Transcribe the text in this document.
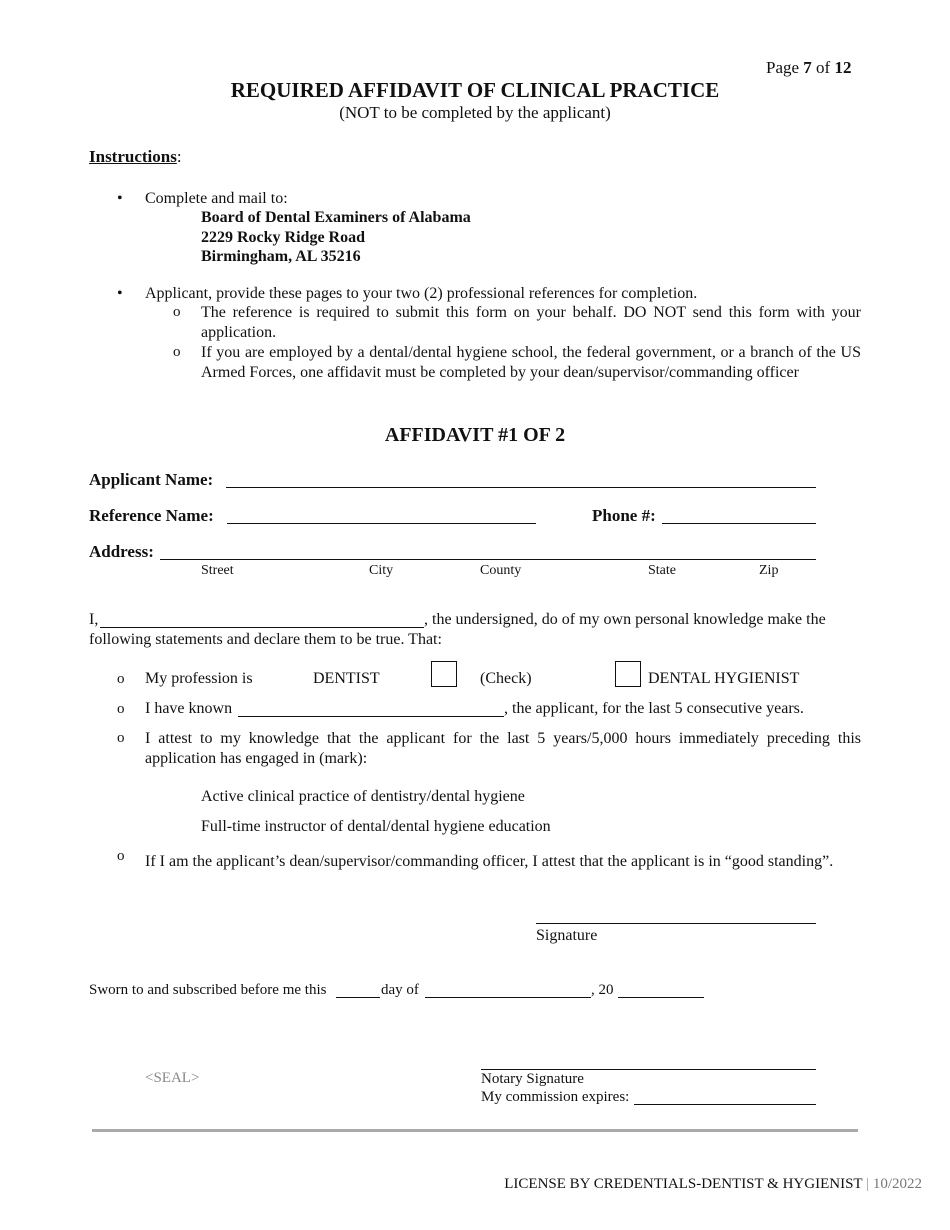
Page 7 of 12
REQUIRED AFFIDAVIT OF CLINICAL PRACTICE
(NOT to be completed by the applicant)
Instructions:
• Complete and mail to:
Board of Dental Examiners of Alabama
2229 Rocky Ridge Road
Birmingham, AL 35216
• Applicant, provide these pages to your two (2) professional references for completion.
o The reference is required to submit this form on your behalf. DO NOT send this form with your application.
o If you are employed by a dental/dental hygiene school, the federal government, or a branch of the US Armed Forces, one affidavit must be completed by your dean/supervisor/commanding officer
AFFIDAVIT #1 OF 2
Applicant Name:
Reference Name:	Phone #:
Address:
Street	City	County	State	Zip
I,	, the undersigned, do of my own personal knowledge make the
following statements and declare them to be true. That:
o My profession is	DENTIST	(Check)	DENTAL HYGIENIST
o I have known	, the applicant, for the last 5 consecutive years.
o I attest to my knowledge that the applicant for the last 5 years/5,000 hours immediately preceding this application has engaged in (mark):
Active clinical practice of dentistry/dental hygiene
Full-time instructor of dental/dental hygiene education
o If I am the applicant’s dean/supervisor/commanding officer, I attest that the applicant is in “good standing”.
Signature
Sworn to and subscribed before me this	day of	, 20
<SEAL>	Notary Signature
My commission expires:
LICENSE BY CREDENTIALS-DENTIST & HYGIENIST | 10/2022
